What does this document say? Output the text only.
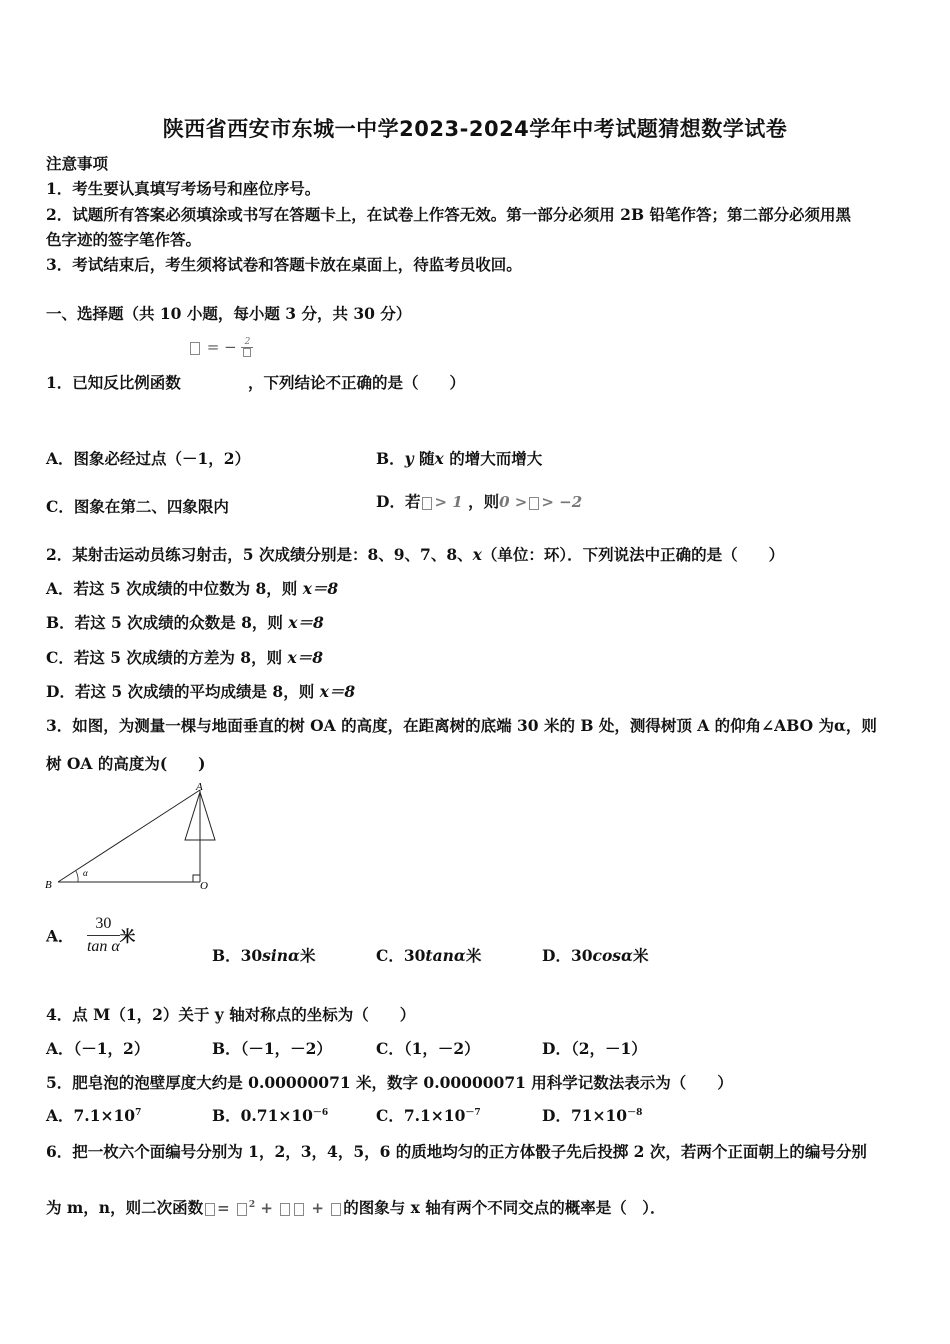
陕西省西安市东城一中学2023-2024学年中考试题猜想数学试卷
注意事项
1．考生要认真填写考场号和座位序号。
2．试题所有答案必须填涂或书写在答题卡上，在试卷上作答无效。第一部分必须用 2B 铅笔作答；第二部分必须用黑
色字迹的签字笔作答。
3．考试结束后，考生须将试卷和答题卡放在桌面上，待监考员收回。
一、选择题（共 10 小题，每小题 3 分，共 30 分）
= − 2
1．已知反比例函数	，下列结论不正确的是（　　）
A．图象必经过点（－1，2）	B．y 随x 的增大而增大
C．图象在第二、四象限内	D．若 > 1 ，则0 > > −2
2．某射击运动员练习射击，5 次成绩分别是：8、9、7、8、x（单位：环）．下列说法中正确的是（　　）
A．若这 5 次成绩的中位数为 8，则 x＝8
B．若这 5 次成绩的众数是 8，则 x＝8
C．若这 5 次成绩的方差为 8，则 x＝8
D．若这 5 次成绩的平均成绩是 8，则 x＝8
3．如图，为测量一棵与地面垂直的树 OA 的高度，在距离树的底端 30 米的 B 处，测得树顶 A 的仰角∠ABO 为α，则
树 OA 的高度为(　　)
A
B	O
α
A． $\frac{30}{\text{tan α}}$ 米
B．30sinα米	C．30tanα米	D．30cosα米
4．点 M（1，2）关于 y 轴对称点的坐标为（　　）
A．（－1，2）	B．（－1，－2）	C．（1，－2）	D．（2，－1）
5．肥皂泡的泡壁厚度大约是 0.00000071 米，数字 0.00000071 用科学记数法表示为（　　）
A．$7.1\times 10^7$	B．$0.71\times 10^{-6}$	C．$7.1\times 10^{-7}$	D．$71\times 10^{-8}$
6．把一枚六个面编号分别为 1，2，3，4，5，6 的质地均匀的正方体骰子先后投掷 2 次，若两个正面朝上的编号分别
为 m，n，则二次函数 = $^2$ +  + 的图象与 x 轴有两个不同交点的概率是（　）．
